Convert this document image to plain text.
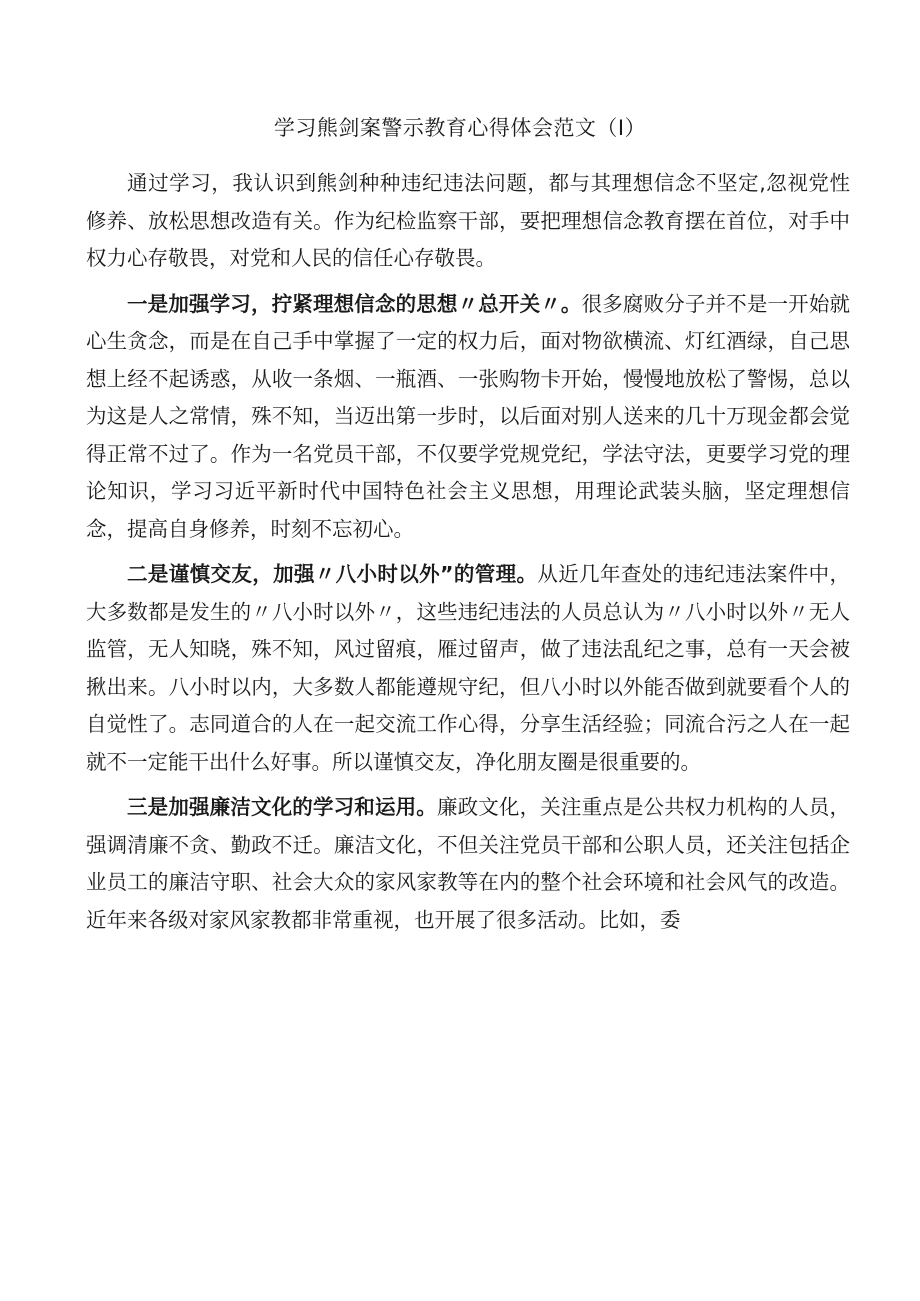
学习熊剑案警示教育心得体会范文（I）

通过学习，我认识到熊剑种种违纪违法问题，都与其理想信念不坚定,忽视党性修养、放松思想改造有关。作为纪检监察干部，要把理想信念教育摆在首位，对手中权力心存敬畏，对党和人民的信任心存敬畏。

一是加强学习，拧紧理想信念的思想〃总开关〃。很多腐败分子并不是一开始就心生贪念，而是在自己手中掌握了一定的权力后，面对物欲横流、灯红酒绿，自己思想上经不起诱惑，从收一条烟、一瓶酒、一张购物卡开始，慢慢地放松了警惕，总以为这是人之常情，殊不知，当迈出第一步时，以后面对别人送来的几十万现金都会觉得正常不过了。作为一名党员干部，不仅要学党规党纪，学法守法，更要学习党的理论知识，学习习近平新时代中国特色社会主义思想，用理论武装头脑，坚定理想信念，提高自身修养，时刻不忘初心。

二是谨慎交友，加强〃八小时以外”的管理。从近几年查处的违纪违法案件中，大多数都是发生的〃八小时以外〃，这些违纪违法的人员总认为〃八小时以外〃无人监管，无人知晓，殊不知，风过留痕，雁过留声，做了违法乱纪之事，总有一天会被揪出来。八小时以内，大多数人都能遵规守纪，但八小时以外能否做到就要看个人的自觉性了。志同道合的人在一起交流工作心得，分享生活经验；同流合污之人在一起就不一定能干出什么好事。所以谨慎交友，净化朋友圈是很重要的。

三是加强廉洁文化的学习和运用。廉政文化，关注重点是公共权力机构的人员，强调清廉不贪、勤政不迁。廉洁文化，不但关注党员干部和公职人员，还关注包括企业员工的廉洁守职、社会大众的家风家教等在内的整个社会环境和社会风气的改造。近年来各级对家风家教都非常重视，也开展了很多活动。比如，委
